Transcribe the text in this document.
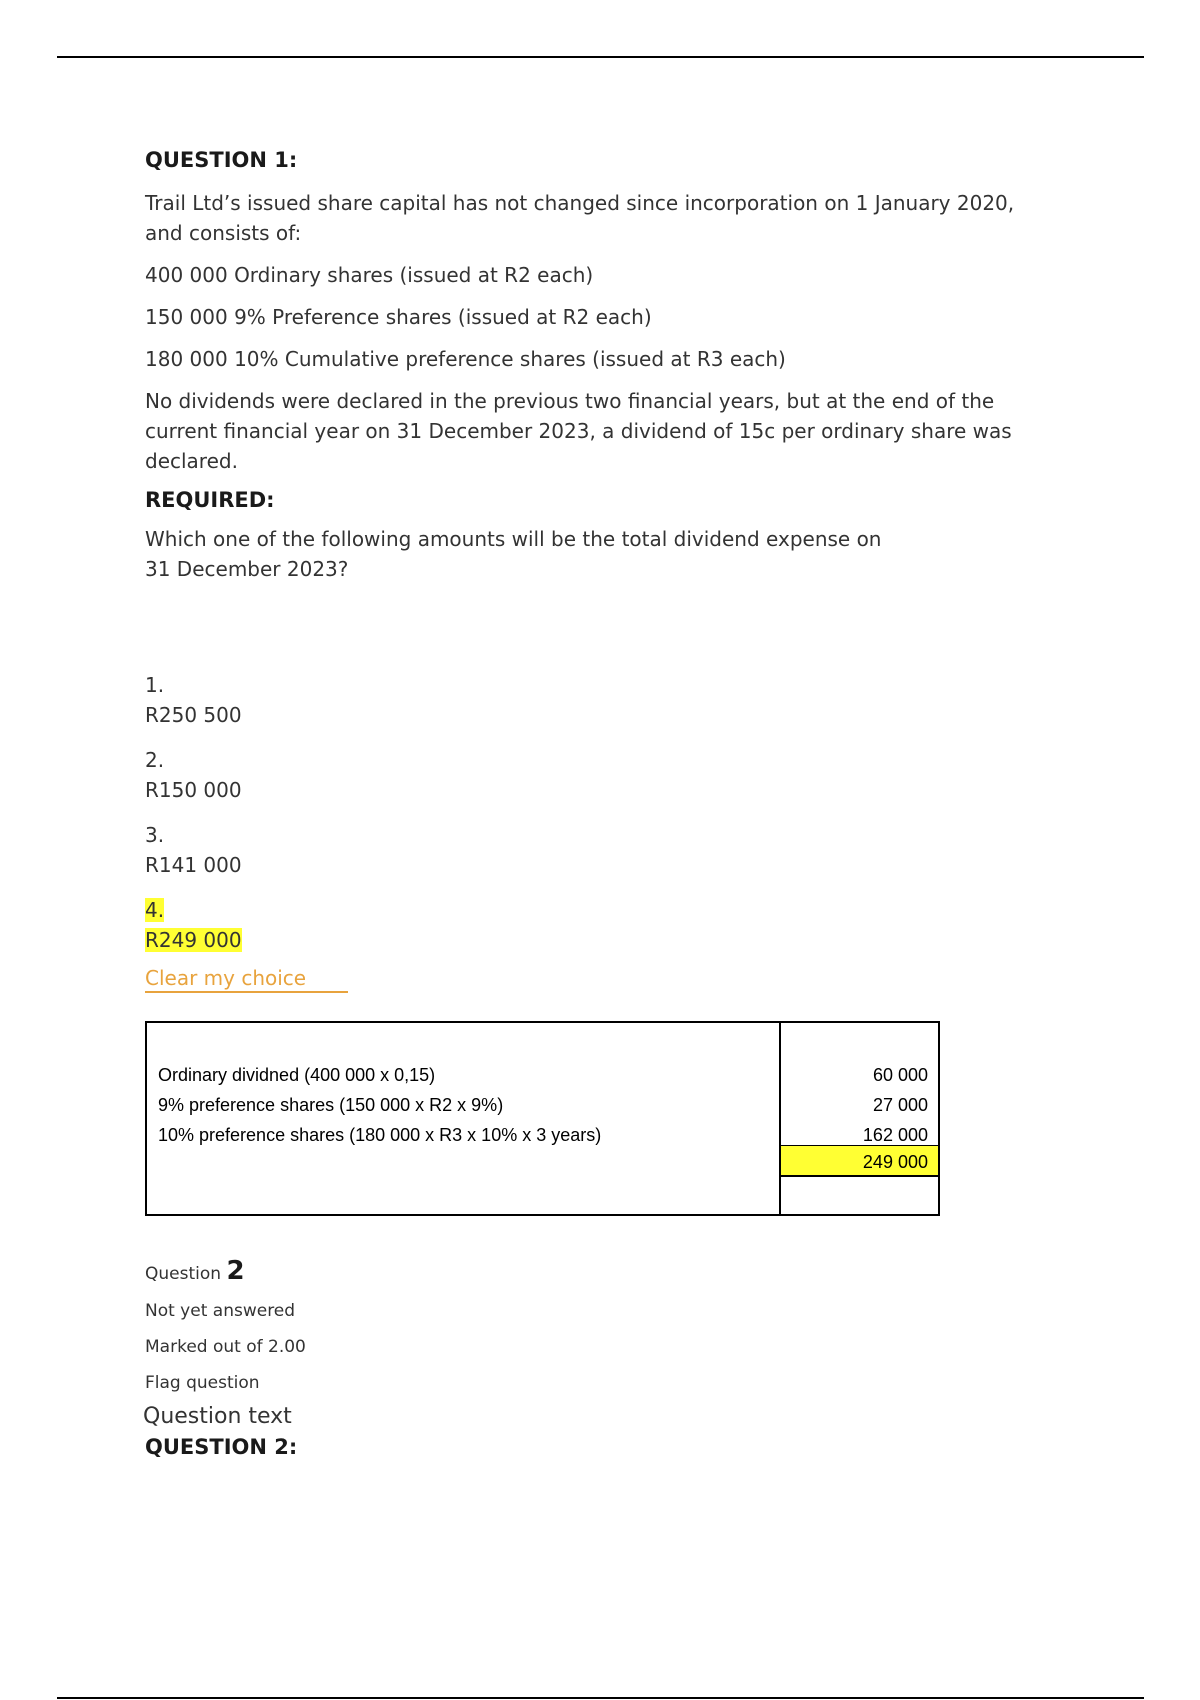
QUESTION 1:

Trail Ltd’s issued share capital has not changed since incorporation on 1 January 2020, and consists of:

400 000 Ordinary shares (issued at R2 each)

150 000 9% Preference shares (issued at R2 each)

180 000 10% Cumulative preference shares (issued at R3 each)

No dividends were declared in the previous two financial years, but at the end of the current financial year on 31 December 2023, a dividend of 15c per ordinary share was declared.

REQUIRED:

Which one of the following amounts will be the total dividend expense on 31 December 2023?

1.
R250 500
2.
R150 000
3.
R141 000
4.
R249 000
Clear my choice
Ordinary dividned (400 000 x 0,15)	60 000
9% preference shares (150 000 x R2 x 9%)	27 000
10% preference shares (180 000 x R3 x 10% x 3 years)	162 000
249 000

Question 2

Not yet answered

Marked out of 2.00

Flag question

Question text
QUESTION 2:
